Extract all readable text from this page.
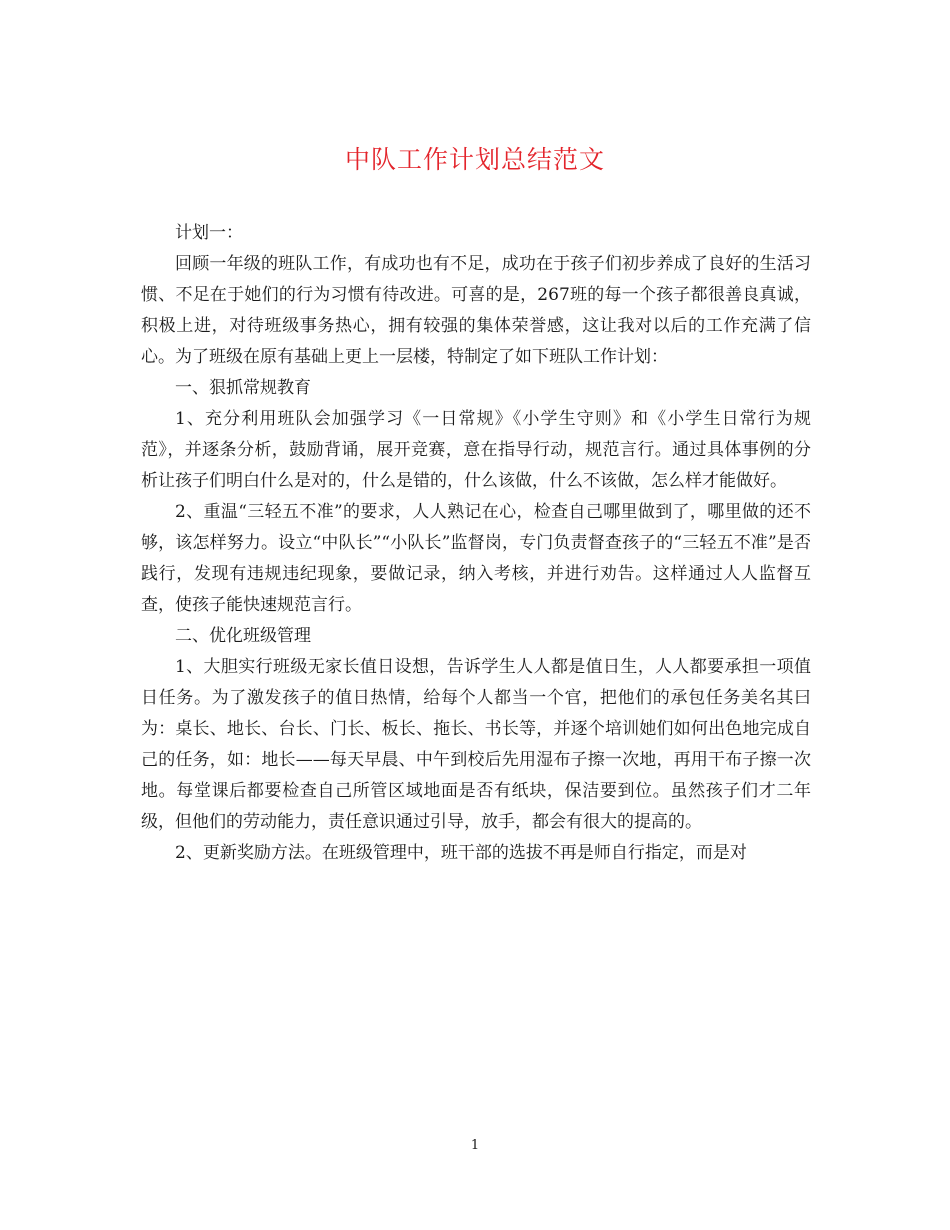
中队工作计划总结范文

计划一：

回顾一年级的班队工作，有成功也有不足，成功在于孩子们初步养成了良好的生活习惯、不足在于她们的行为习惯有待改进。可喜的是，267班的每一个孩子都很善良真诚，积极上进，对待班级事务热心，拥有较强的集体荣誉感，这让我对以后的工作充满了信心。为了班级在原有基础上更上一层楼，特制定了如下班队工作计划：

一、狠抓常规教育

1、充分利用班队会加强学习《一日常规》《小学生守则》和《小学生日常行为规范》，并逐条分析，鼓励背诵，展开竞赛，意在指导行动，规范言行。通过具体事例的分析让孩子们明白什么是对的，什么是错的，什么该做，什么不该做，怎么样才能做好。

2、重温“三轻五不准”的要求，人人熟记在心，检查自己哪里做到了，哪里做的还不够，该怎样努力。设立“中队长”“小队长”监督岗，专门负责督查孩子的“三轻五不准”是否践行，发现有违规违纪现象，要做记录，纳入考核，并进行劝告。这样通过人人监督互查，使孩子能快速规范言行。

二、优化班级管理

1、大胆实行班级无家长值日设想，告诉学生人人都是值日生，人人都要承担一项值日任务。为了激发孩子的值日热情，给每个人都当一个官，把他们的承包任务美名其曰为：桌长、地长、台长、门长、板长、拖长、书长等，并逐个培训她们如何出色地完成自己的任务，如：地长——每天早晨、中午到校后先用湿布子擦一次地，再用干布子擦一次地。每堂课后都要检查自己所管区域地面是否有纸块，保洁要到位。虽然孩子们才二年级，但他们的劳动能力，责任意识通过引导，放手，都会有很大的提高的。

2、更新奖励方法。在班级管理中，班干部的选拔不再是师自行指定，而是对

1
